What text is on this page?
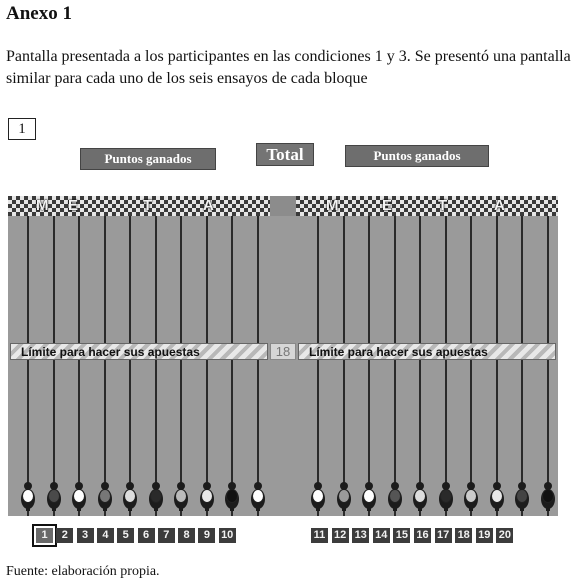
Anexo 1
Pantalla presentada a los participantes en las condiciones 1 y 3. Se presentó una pantalla similar para cada uno de los seis ensayos de cada bloque
1
Puntos ganados	Total	Puntos ganados
Límite para hacer sus apuestas	18	Límite para hacer sus apuestas
M	M
E	E
T	T
A	A
1	2	3	4	5	6	7	8	9	10	11 12 13 14 15 16 17 18 19 20
Fuente: elaboración propia.
